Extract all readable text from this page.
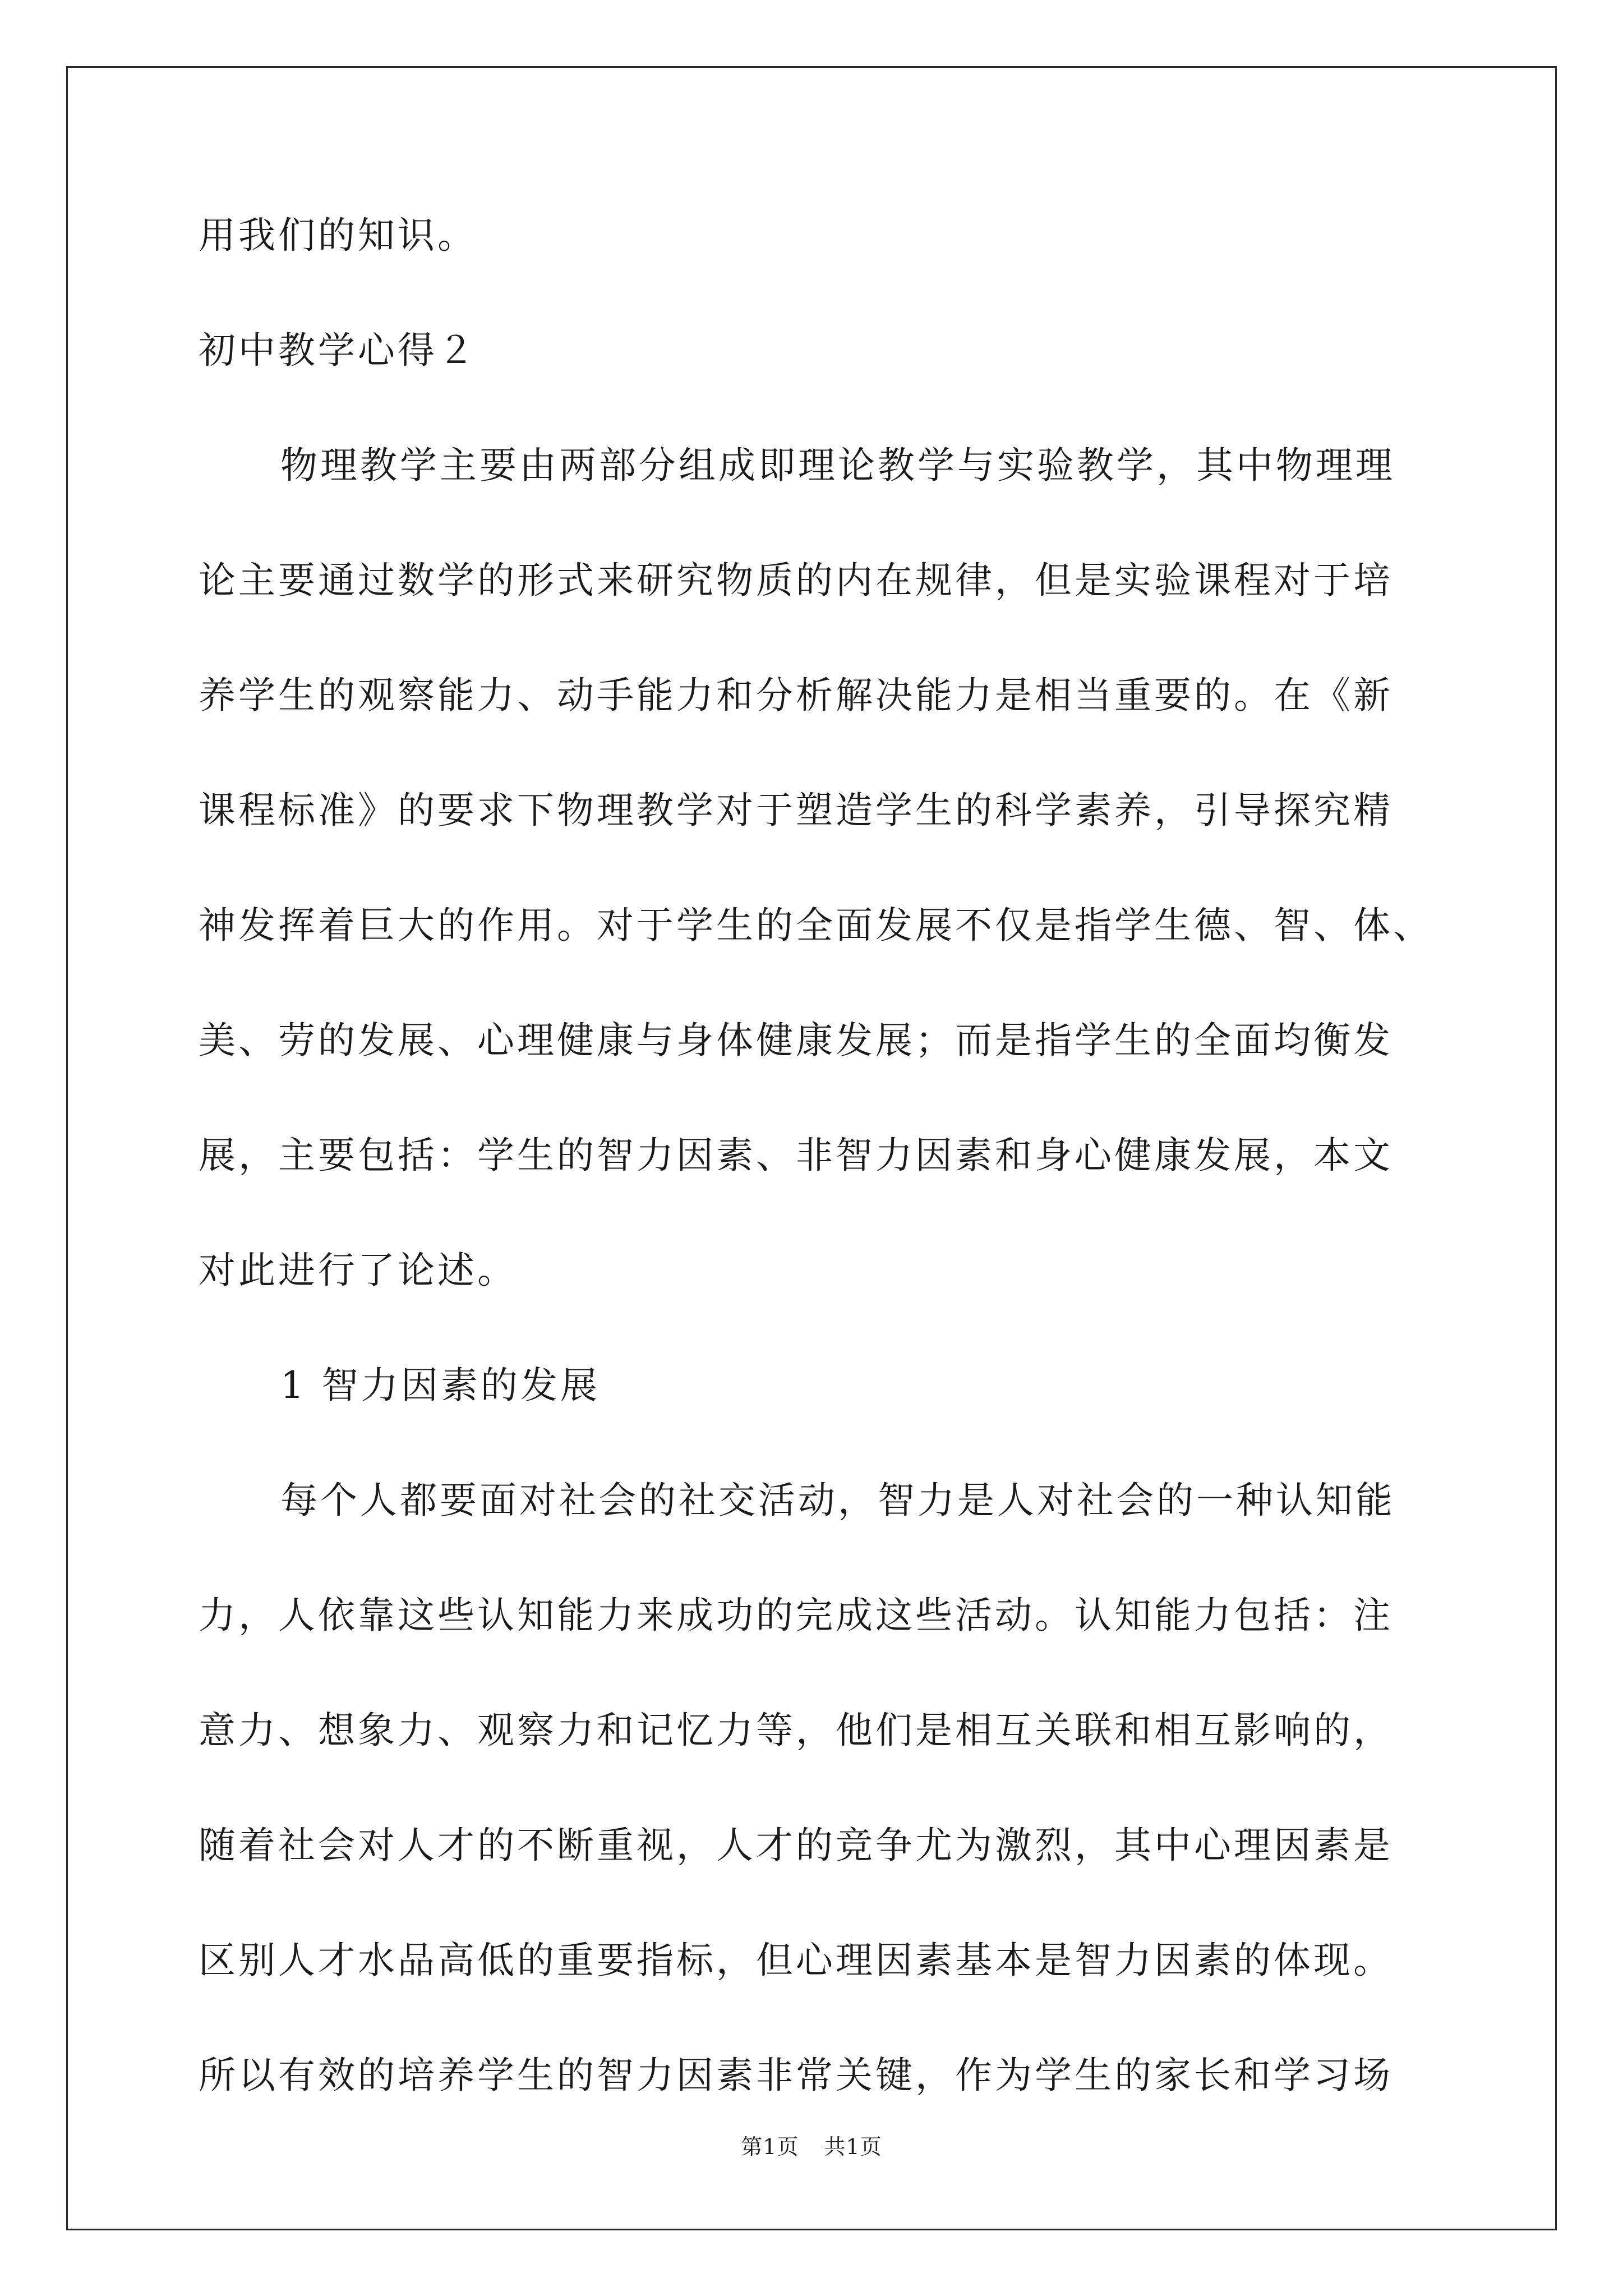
用我们的知识。
初中教学心得２
物理教学主要由两部分组成即理论教学与实验教学，其中物理理
论主要通过数学的形式来研究物质的内在规律，但是实验课程对于培
养学生的观察能力、动手能力和分析解决能力是相当重要的。在《新
课程标准》的要求下物理教学对于塑造学生的科学素养，引导探究精
神发挥着巨大的作用。对于学生的全面发展不仅是指学生德、智、体、
美、劳的发展、心理健康与身体健康发展；而是指学生的全面均衡发
展，主要包括：学生的智力因素、非智力因素和身心健康发展，本文
对此进行了论述。
1 智力因素的发展
每个人都要面对社会的社交活动，智力是人对社会的一种认知能
力，人依靠这些认知能力来成功的完成这些活动。认知能力包括：注
意力、想象力、观察力和记忆力等，他们是相互关联和相互影响的，
随着社会对人才的不断重视，人才的竞争尤为激烈，其中心理因素是
区别人才水品高低的重要指标，但心理因素基本是智力因素的体现。
所以有效的培养学生的智力因素非常关键，作为学生的家长和学习场
第1页 共1页
